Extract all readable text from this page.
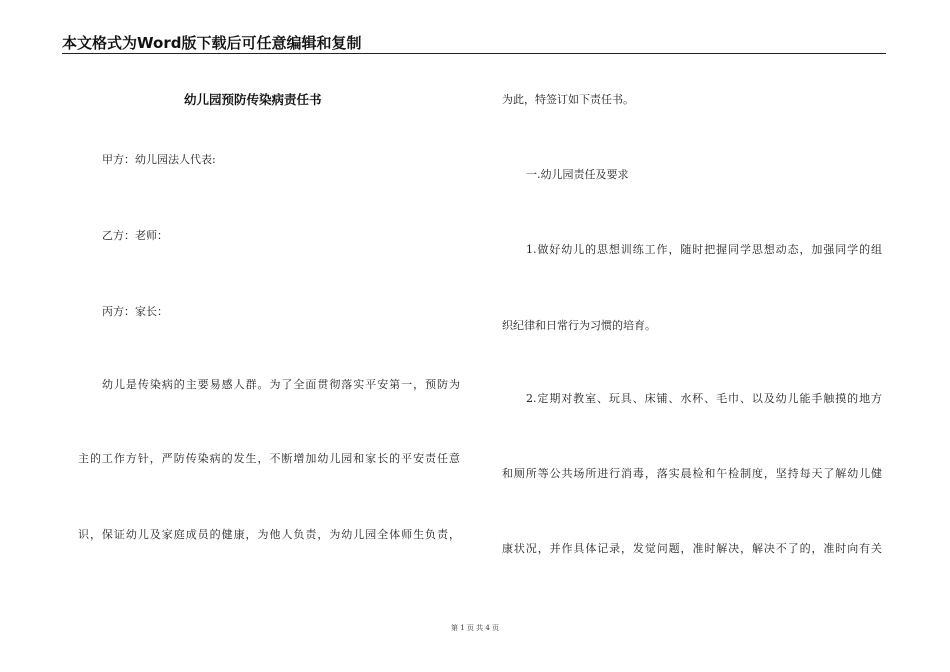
本文格式为Word版下载后可任意编辑和复制
幼儿园预防传染病责任书
甲方：幼儿园法人代表:
乙方：老师：
丙方：家长：
幼儿是传染病的主要易感人群。为了全面贯彻落实平安第一，预防为
主的工作方针，严防传染病的发生，不断增加幼儿园和家长的平安责任意
识，保证幼儿及家庭成员的健康，为他人负责，为幼儿园全体师生负责，
为此，特签订如下责任书。
一.幼儿园责任及要求
1.做好幼儿的思想训练工作，随时把握同学思想动态，加强同学的组
织纪律和日常行为习惯的培育。
2.定期对教室、玩具、床铺、水杯、毛巾、以及幼儿能手触摸的地方
和厕所等公共场所进行消毒，落实晨检和午检制度，坚持每天了解幼儿健
康状况，并作具体记录，发觉问题，准时解决，解决不了的，准时向有关
第 1 页 共 4 页
